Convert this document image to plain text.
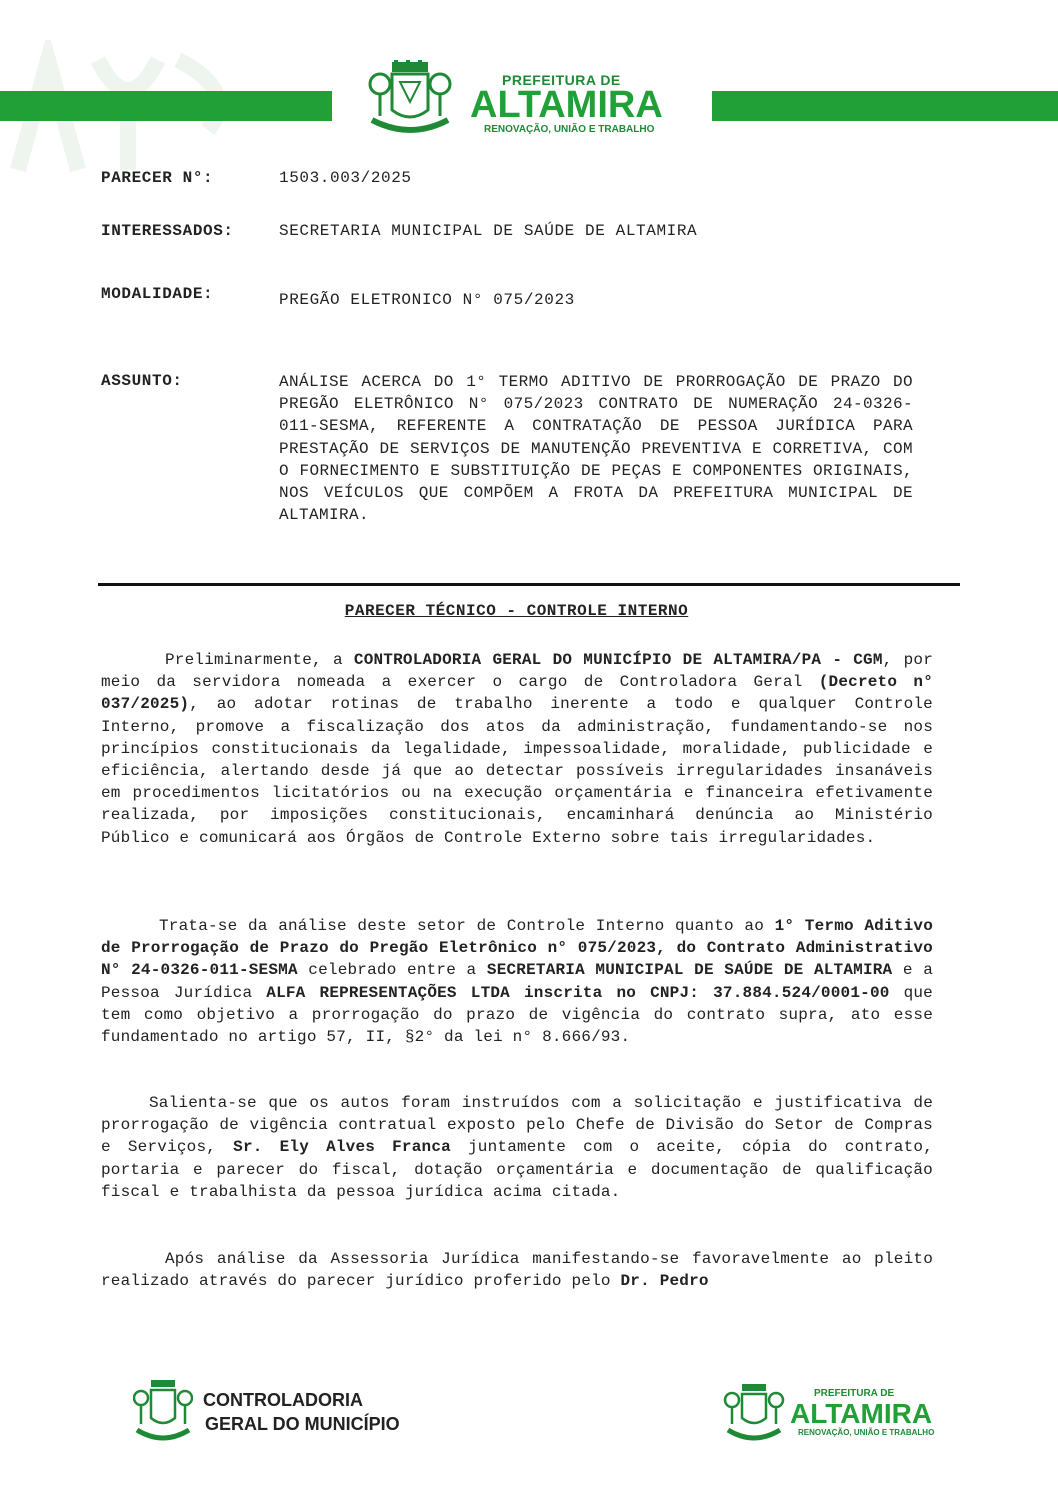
PREFEITURA DE
ALTAMIRA
RENOVAÇÃO, UNIÃO E TRABALHO
PARECER N°:	1503.003/2025
INTERESSADOS:	SECRETARIA MUNICIPAL DE SAÚDE DE ALTAMIRA
MODALIDADE:	PREGÃO ELETRONICO N° 075/2023
ASSUNTO:	ANÁLISE ACERCA DO 1° TERMO ADITIVO DE PRORROGAÇÃO DE PRAZO DO PREGÃO ELETRÔNICO N° 075/2023 CONTRATO DE NUMERAÇÃO 24-0326-011-SESMA, REFERENTE A CONTRATAÇÃO DE PESSOA JURÍDICA PARA PRESTAÇÃO DE SERVIÇOS DE MANUTENÇÃO PREVENTIVA E CORRETIVA, COM O FORNECIMENTO E SUBSTITUIÇÃO DE PEÇAS E COMPONENTES ORIGINAIS, NOS VEÍCULOS QUE COMPÕEM A FROTA DA PREFEITURA MUNICIPAL DE ALTAMIRA.
PARECER TÉCNICO - CONTROLE INTERNO
Preliminarmente, a CONTROLADORIA GERAL DO MUNICÍPIO DE ALTAMIRA/PA - CGM, por meio da servidora nomeada a exercer o cargo de Controladora Geral (Decreto n° 037/2025), ao adotar rotinas de trabalho inerente a todo e qualquer Controle Interno, promove a fiscalização dos atos da administração, fundamentando-se nos princípios constitucionais da legalidade, impessoalidade, moralidade, publicidade e eficiência, alertando desde já que ao detectar possíveis irregularidades insanáveis em procedimentos licitatórios ou na execução orçamentária e financeira efetivamente realizada, por imposições constitucionais, encaminhará denúncia ao Ministério Público e comunicará aos Órgãos de Controle Externo sobre tais irregularidades.
Trata-se da análise deste setor de Controle Interno quanto ao 1° Termo Aditivo de Prorrogação de Prazo do Pregão Eletrônico n° 075/2023, do Contrato Administrativo N° 24-0326-011-SESMA celebrado entre a SECRETARIA MUNICIPAL DE SAÚDE DE ALTAMIRA e a Pessoa Jurídica ALFA REPRESENTAÇÕES LTDA inscrita no CNPJ: 37.884.524/0001-00 que tem como objetivo a prorrogação do prazo de vigência do contrato supra, ato esse fundamentado no artigo 57, II, §2° da lei n° 8.666/93.
Salienta-se que os autos foram instruídos com a solicitação e justificativa de prorrogação de vigência contratual exposto pelo Chefe de Divisão do Setor de Compras e Serviços, Sr. Ely Alves Franca juntamente com o aceite, cópia do contrato, portaria e parecer do fiscal, dotação orçamentária e documentação de qualificação fiscal e trabalhista da pessoa jurídica acima citada.
Após análise da Assessoria Jurídica manifestando-se favoravelmente ao pleito realizado através do parecer jurídico proferido pelo Dr. Pedro
CONTROLADORIA
GERAL DO MUNICÍPIO
PREFEITURA DE
ALTAMIRA
RENOVAÇÃO, UNIÃO E TRABALHO
